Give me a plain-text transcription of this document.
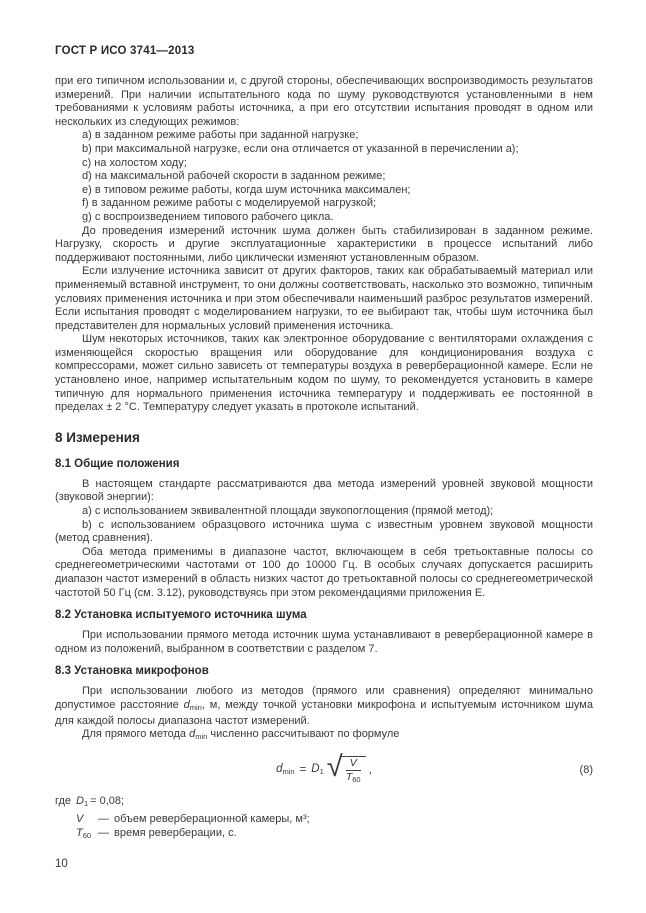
ГОСТ Р ИСО 3741—2013

при его типичном использовании и, с другой стороны, обеспечивающих воспроизводимость результатов измерений. При наличии испытательного кода по шуму руководствуются установленными в нем требованиями к условиям работы источника, а при его отсутствии испытания проводят в одном или нескольких из следующих режимов:

a) в заданном режиме работы при заданной нагрузке;
b) при максимальной нагрузке, если она отличается от указанной в перечислении a);
c) на холостом ходу;
d) на максимальной рабочей скорости в заданном режиме;
e) в типовом режиме работы, когда шум источника максимален;
f) в заданном режиме работы с моделируемой нагрузкой;
g) с воспроизведением типового рабочего цикла.

До проведения измерений источник шума должен быть стабилизирован в заданном режиме. Нагрузку, скорость и другие эксплуатационные характеристики в процессе испытаний либо поддерживают постоянными, либо циклически изменяют установленным образом.

Если излучение источника зависит от других факторов, таких как обрабатываемый материал или применяемый вставной инструмент, то они должны соответствовать, насколько это возможно, типичным условиях применения источника и при этом обеспечивали наименьший разброс результатов измерений. Если испытания проводят с моделированием нагрузки, то ее выбирают так, чтобы шум источника был представителен для нормальных условий применения источника.

Шум некоторых источников, таких как электронное оборудование с вентиляторами охлаждения с изменяющейся скоростью вращения или оборудование для кондиционирования воздуха с компрессорами, может сильно зависеть от температуры воздуха в реверберационной камере. Если не установлено иное, например испытательным кодом по шуму, то рекомендуется установить в камере типичную для нормального применения источника температуру и поддерживать ее постоянной в пределах ± 2 °C. Температуру следует указать в протоколе испытаний.

8 Измерения
8.1 Общие положения

В настоящем стандарте рассматриваются два метода измерений уровней звуковой мощности (звуковой энергии):

a) с использованием эквивалентной площади звукопоглощения (прямой метод);
b) с использованием образцового источника шума с известным уровнем звуковой мощности (метод сравнения).

Оба метода применимы в диапазоне частот, включающем в себя третьоктавные полосы со среднегеометрическими частотами от 100 до 10000 Гц. В особых случаях допускается расширить диапазон частот измерений в область низких частот до третьоктавной полосы со среднегеометрической частотой 50 Гц (см. 3.12), руководствуясь при этом рекомендациями приложения Е.

8.2 Установка испытуемого источника шума

При использовании прямого метода источник шума устанавливают в реверберационной камере в одном из положений, выбранном в соответствии с разделом 7.

8.3 Установка микрофонов

При использовании любого из методов (прямого или сравнения) определяют минимально допустимое расстояние $d_{min}$, м, между точкой установки микрофона и испытуемым источником шума для каждой полосы диапазона частот измерений.

Для прямого метода $d_{min}$ численно рассчитывают по формуле

$d_{min} = D_1$ √
$\frac{V}{T_{60}}$ ,	(8)
где $D_1 = 0,08$;
V	— объем реверберационной камеры, м³;
$T_{60}$ — время реверберации, с.
10
